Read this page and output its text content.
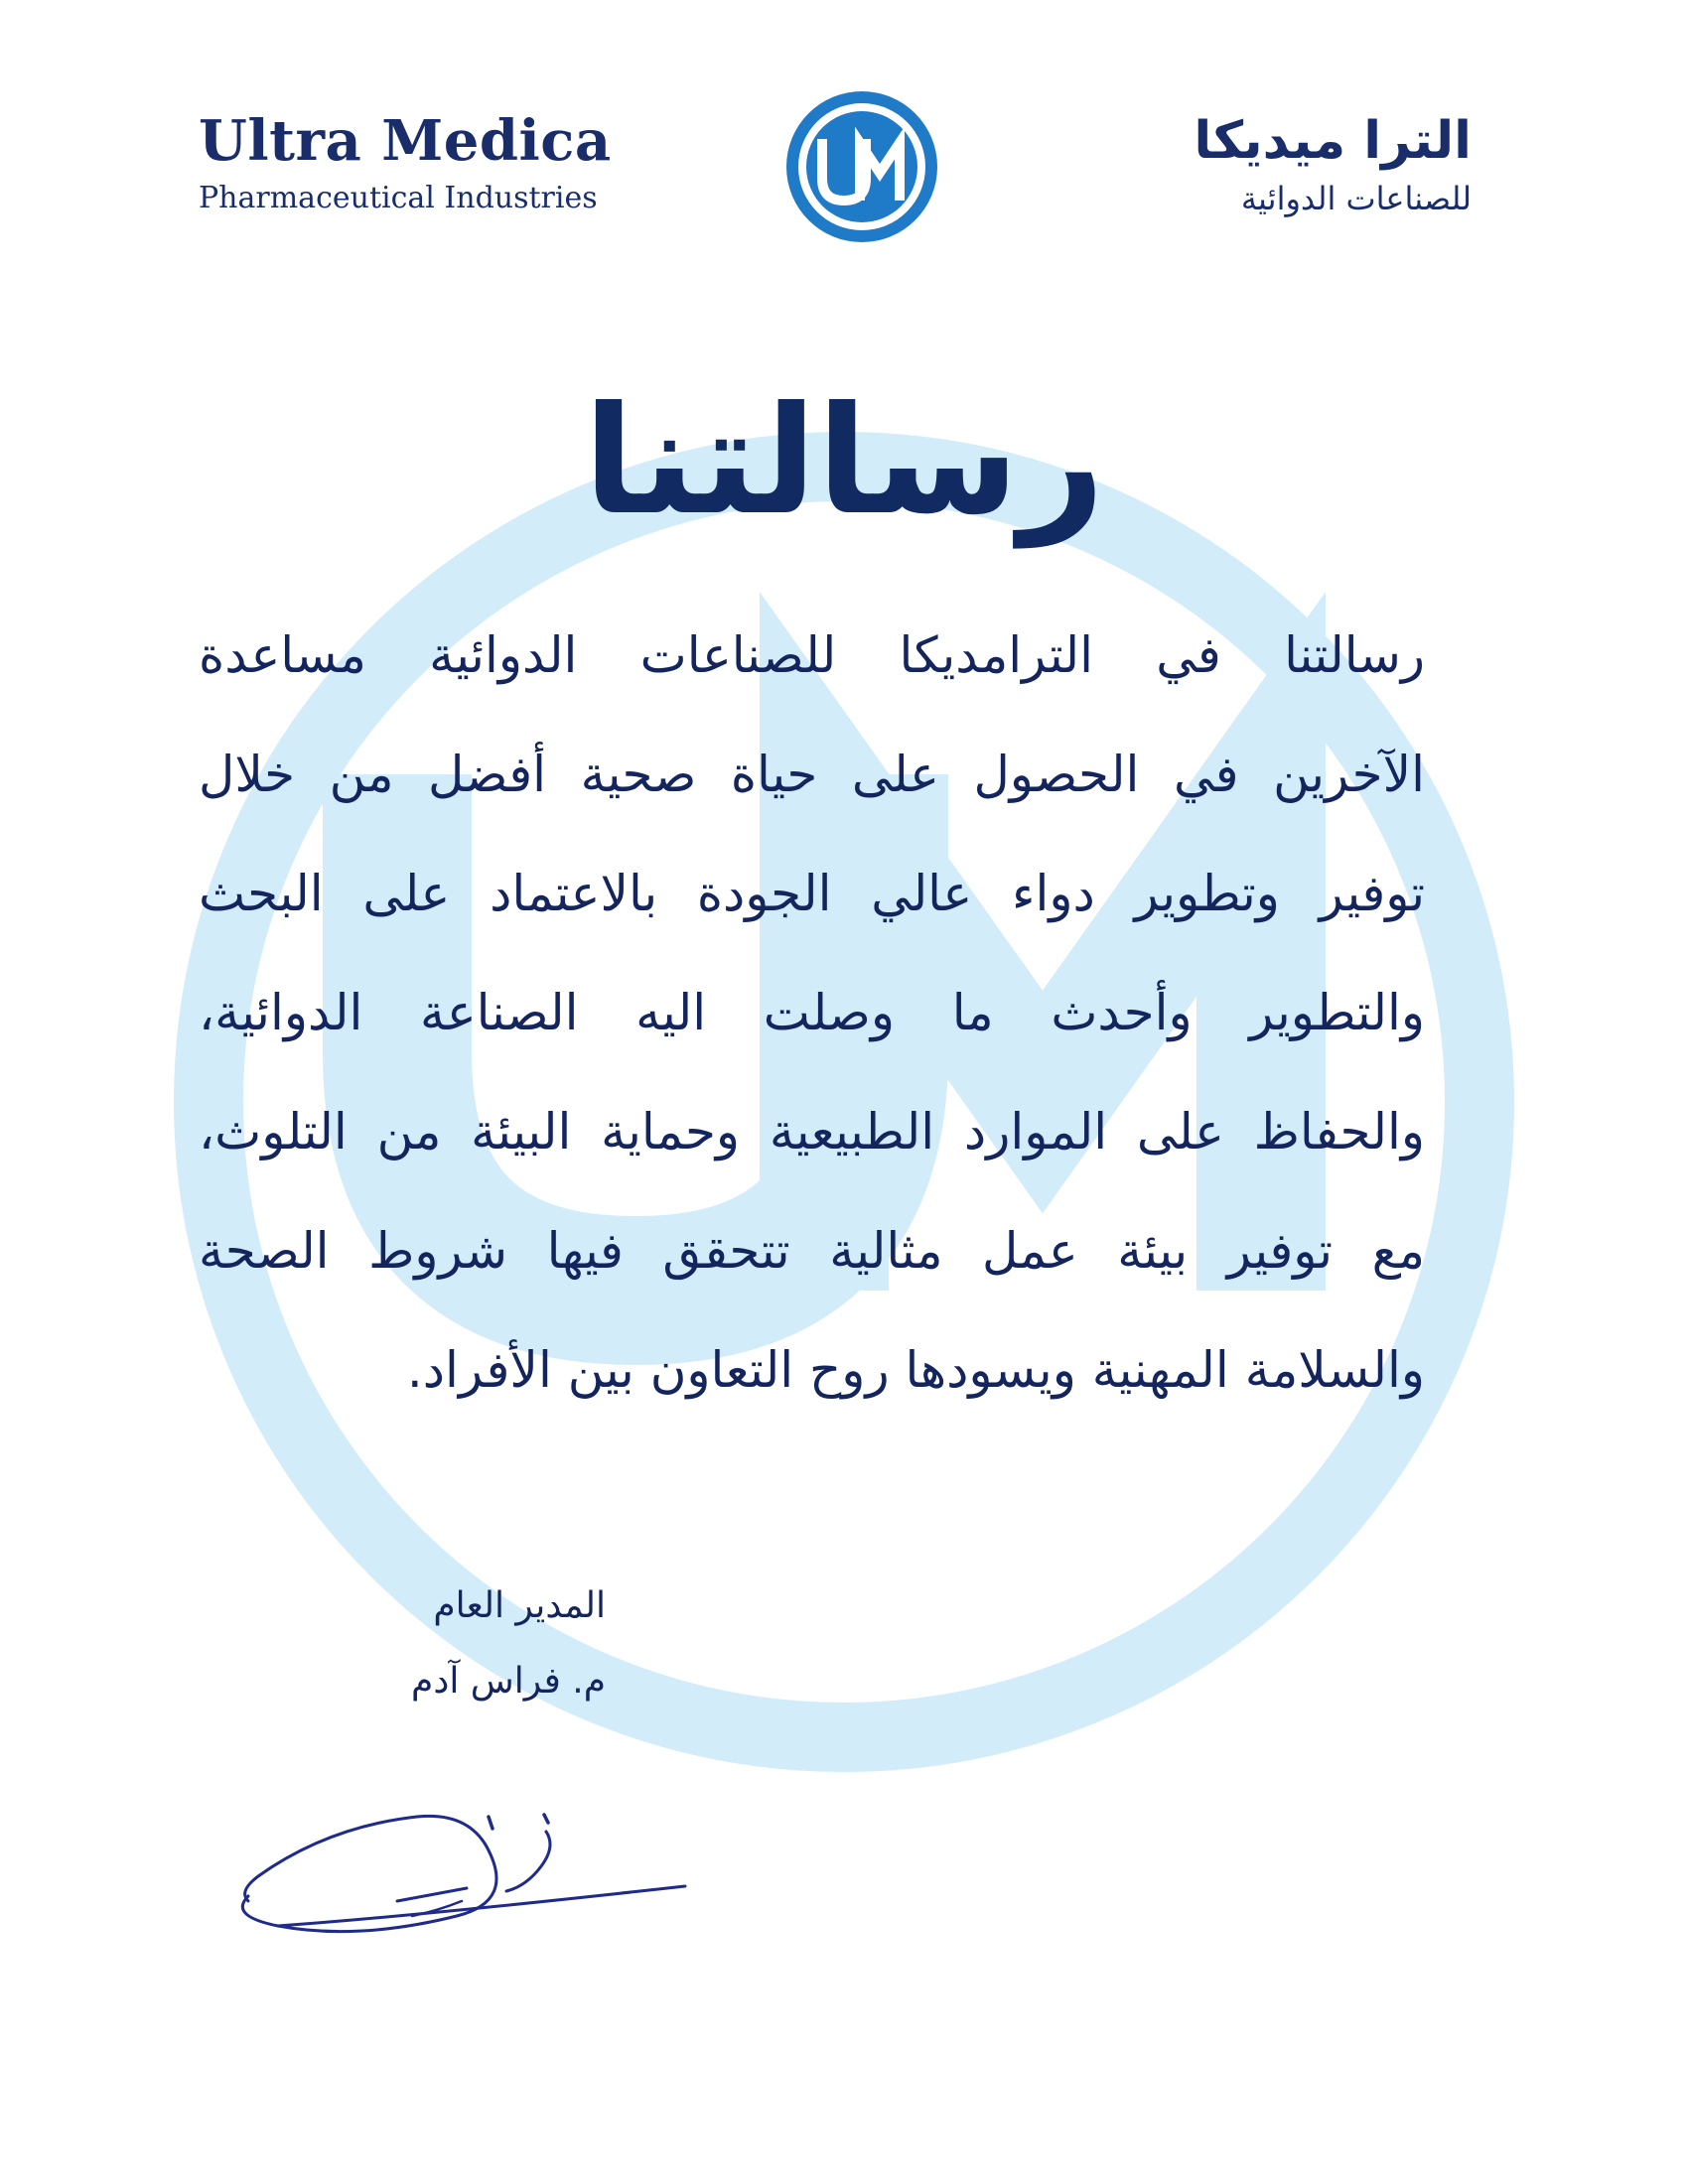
Ultra Medica
Pharmaceutical Industries
الترا ميديكا
للصناعات الدوائية
رسالتنا
رسالتنا في الترامديكا للصناعات الدوائية مساعدة
الآخرين في الحصول على حياة صحية أفضل من خلال
توفير وتطوير دواء عالي الجودة بالاعتماد على البحث
والتطوير وأحدث ما وصلت اليه الصناعة الدوائية،
والحفاظ على الموارد الطبيعية وحماية البيئة من التلوث،
مع توفير بيئة عمل مثالية تتحقق فيها شروط الصحة
والسلامة المهنية ويسودها روح التعاون بين الأفراد.
المدير العام
م. فراس آدم
